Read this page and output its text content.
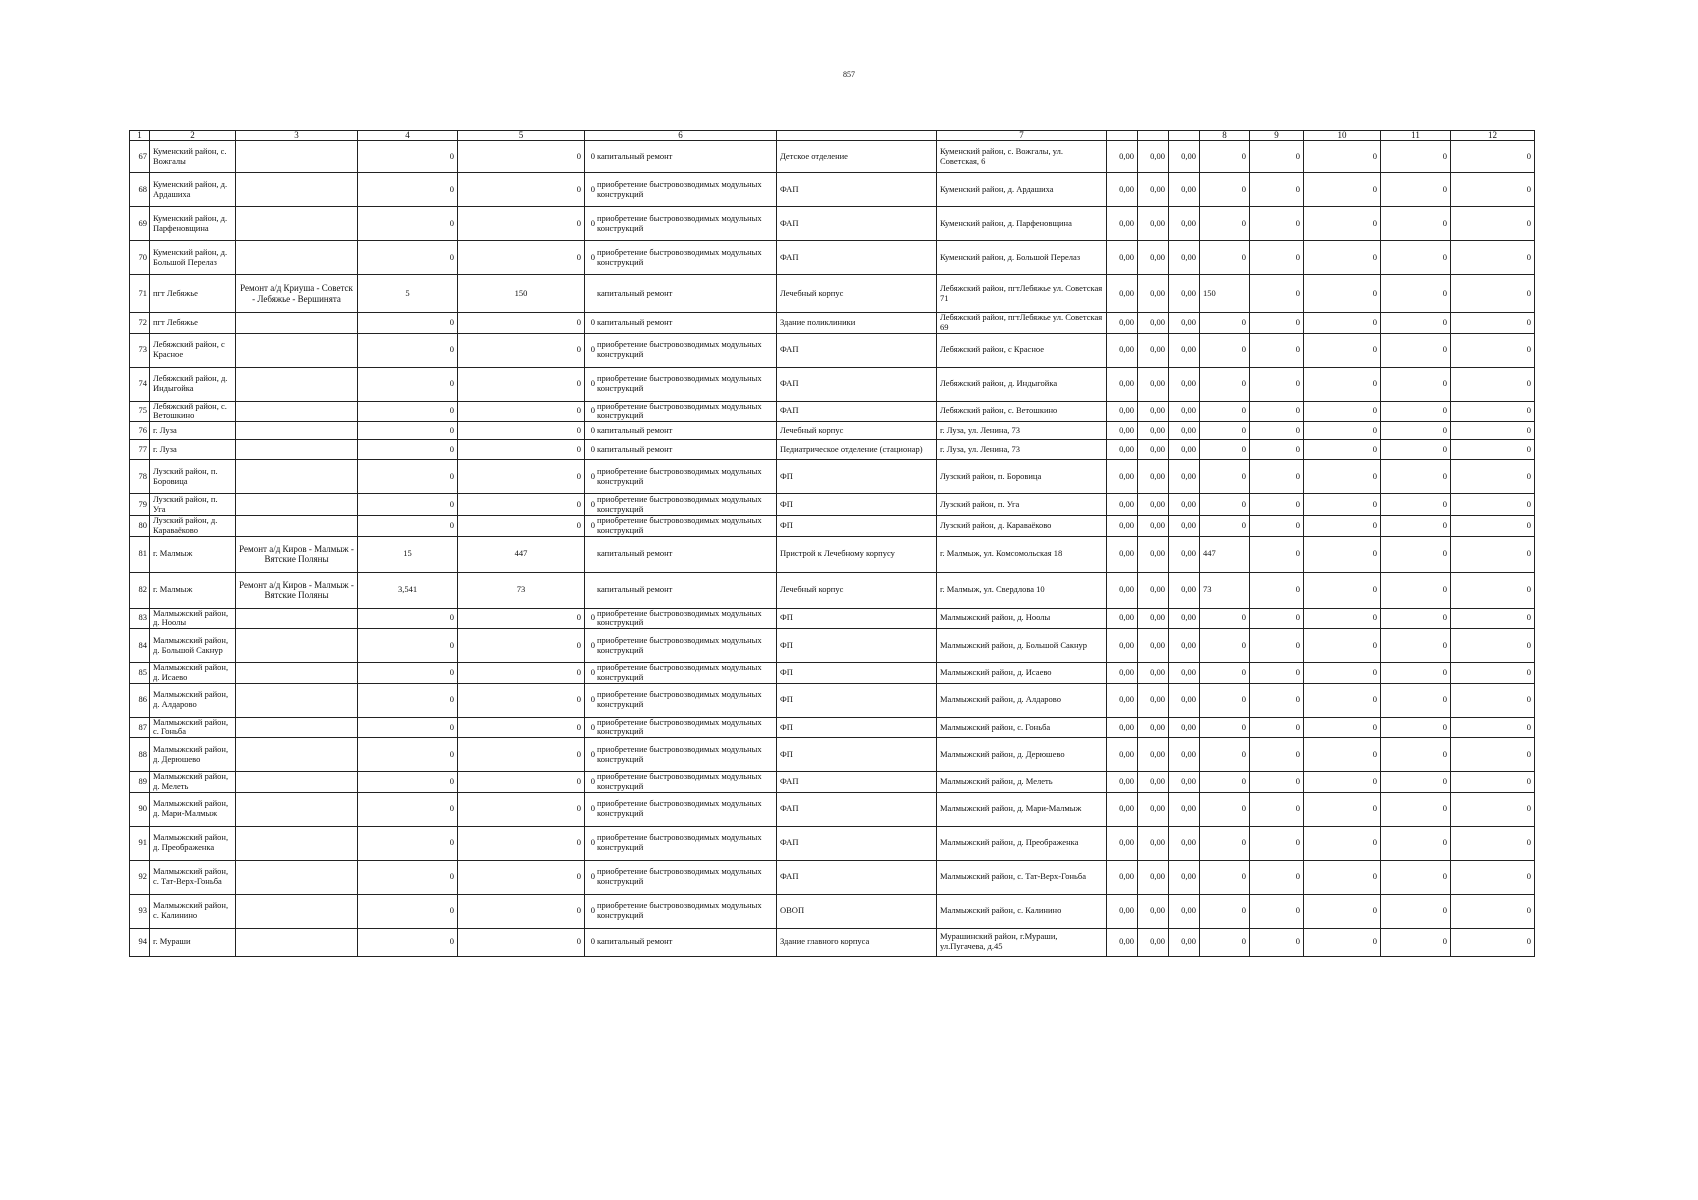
857
1	2	3	4	5	6		7				8	9	10	11	12
67	Куменский район, с. Вожгалы		0	0	0 капитальный ремонт	Детское отделение	Куменский район, с. Вожгалы, ул. Советская, 6	0,00	0,00	0,00	0	0	0	0	0
68	Куменский район, д. Ардашиха		0	0	0 приобретение быстровозводимых модульных конструкций	ФАП	Куменский район, д. Ардашиха	0,00	0,00	0,00	0	0	0	0	0
69	Куменский район, д. Парфеновщина		0	0	0 приобретение быстровозводимых модульных конструкций	ФАП	Куменский район, д. Парфеновщина	0,00	0,00	0,00	0	0	0	0	0
70	Куменский район, д. Большой Перелаз		0	0	0 приобретение быстровозводимых модульных конструкций	ФАП	Куменский район, д. Большой Перелаз	0,00	0,00	0,00	0	0	0	0	0
71	пгт Лебяжье	Ремонт а/д Криуша - Советск - Лебяжье - Вершинята	5	150	капитальный ремонт	Лечебный корпус	Лебяжский район, пгтЛебяжье ул. Советская 71	0,00	0,00	0,00	150	0	0	0	0
72	пгт Лебяжье		0	0	0 капитальный ремонт	Здание поликлиники	Лебяжский район, пгтЛебяжье ул. Советская 69	0,00	0,00	0,00	0	0	0	0	0
73	Лебяжский район, с Красное		0	0	0 приобретение быстровозводимых модульных конструкций	ФАП	Лебяжский район, с Красное	0,00	0,00	0,00	0	0	0	0	0
74	Лебяжский район, д. Индыгойка		0	0	0 приобретение быстровозводимых модульных конструкций	ФАП	Лебяжский район, д. Индыгойка	0,00	0,00	0,00	0	0	0	0	0
75	Лебяжский район, с. Ветошкино		0	0	0 приобретение быстровозводимых модульных конструкций	ФАП	Лебяжский район, с. Ветошкино	0,00	0,00	0,00	0	0	0	0	0
76	г. Луза		0	0	0 капитальный ремонт	Лечебный корпус	г. Луза, ул. Ленина, 73	0,00	0,00	0,00	0	0	0	0	0
77	г. Луза		0	0	0 капитальный ремонт	Педиатрическое отделение (стационар)	г. Луза, ул. Ленина, 73	0,00	0,00	0,00	0	0	0	0	0
78	Лузский район, п. Боровица		0	0	0 приобретение быстровозводимых модульных конструкций	ФП	Лузский район, п. Боровица	0,00	0,00	0,00	0	0	0	0	0
79	Лузский район, п. Уга		0	0	0 приобретение быстровозводимых модульных конструкций	ФП	Лузский район, п. Уга	0,00	0,00	0,00	0	0	0	0	0
80	Лузский район, д. Караваёково		0	0	0 приобретение быстровозводимых модульных конструкций	ФП	Лузский район, д. Караваёково	0,00	0,00	0,00	0	0	0	0	0
81	г. Малмыж	Ремонт а/д Киров - Малмыж - Вятские Поляны	15	447	капитальный ремонт	Пристрой к Лечебному корпусу	г. Малмыж, ул. Комсомольская 18	0,00	0,00	0,00	447	0	0	0	0
82	г. Малмыж	Ремонт а/д Киров - Малмыж - Вятские Поляны	3,541	73	капитальный ремонт	Лечебный корпус	г. Малмыж, ул. Свердлова 10	0,00	0,00	0,00	73	0	0	0	0
83	Малмыжский район, д. Ноолы		0	0	0 приобретение быстровозводимых модульных конструкций	ФП	Малмыжский район, д. Ноолы	0,00	0,00	0,00	0	0	0	0	0
84	Малмыжский район, д. Большой Сакнур		0	0	0 приобретение быстровозводимых модульных конструкций	ФП	Малмыжский район, д. Большой Сакнур	0,00	0,00	0,00	0	0	0	0	0
85	Малмыжский район, д. Исаево		0	0	0 приобретение быстровозводимых модульных конструкций	ФП	Малмыжский район, д. Исаево	0,00	0,00	0,00	0	0	0	0	0
86	Малмыжский район, д. Алдарово		0	0	0 приобретение быстровозводимых модульных конструкций	ФП	Малмыжский район, д. Алдарово	0,00	0,00	0,00	0	0	0	0	0
87	Малмыжский район, с. Гоньба		0	0	0 приобретение быстровозводимых модульных конструкций	ФП	Малмыжский район, с. Гоньба	0,00	0,00	0,00	0	0	0	0	0
88	Малмыжский район, д. Дерюшево		0	0	0 приобретение быстровозводимых модульных конструкций	ФП	Малмыжский район, д. Дерюшево	0,00	0,00	0,00	0	0	0	0	0
89	Малмыжский район, д. Мелеть		0	0	0 приобретение быстровозводимых модульных конструкций	ФАП	Малмыжский район, д. Мелеть	0,00	0,00	0,00	0	0	0	0	0
90	Малмыжский район, д. Мари-Малмыж		0	0	0 приобретение быстровозводимых модульных конструкций	ФАП	Малмыжский район, д. Мари-Малмыж	0,00	0,00	0,00	0	0	0	0	0
91	Малмыжский район, д. Преображенка		0	0	0 приобретение быстровозводимых модульных конструкций	ФАП	Малмыжский район, д. Преображенка	0,00	0,00	0,00	0	0	0	0	0
92	Малмыжский район, с. Тат-Верх-Гоньба		0	0	0 приобретение быстровозводимых модульных конструкций	ФАП	Малмыжский район, с. Тат-Верх-Гоньба	0,00	0,00	0,00	0	0	0	0	0
93	Малмыжский район, с. Калинино		0	0	0 приобретение быстровозводимых модульных конструкций	ОВОП	Малмыжский район, с. Калинино	0,00	0,00	0,00	0	0	0	0	0
94	г. Мураши		0	0	0 капитальный ремонт	Здание главного корпуса	Мурашинский район, г.Мураши, ул.Пугачева, д.45	0,00	0,00	0,00	0	0	0	0	0
